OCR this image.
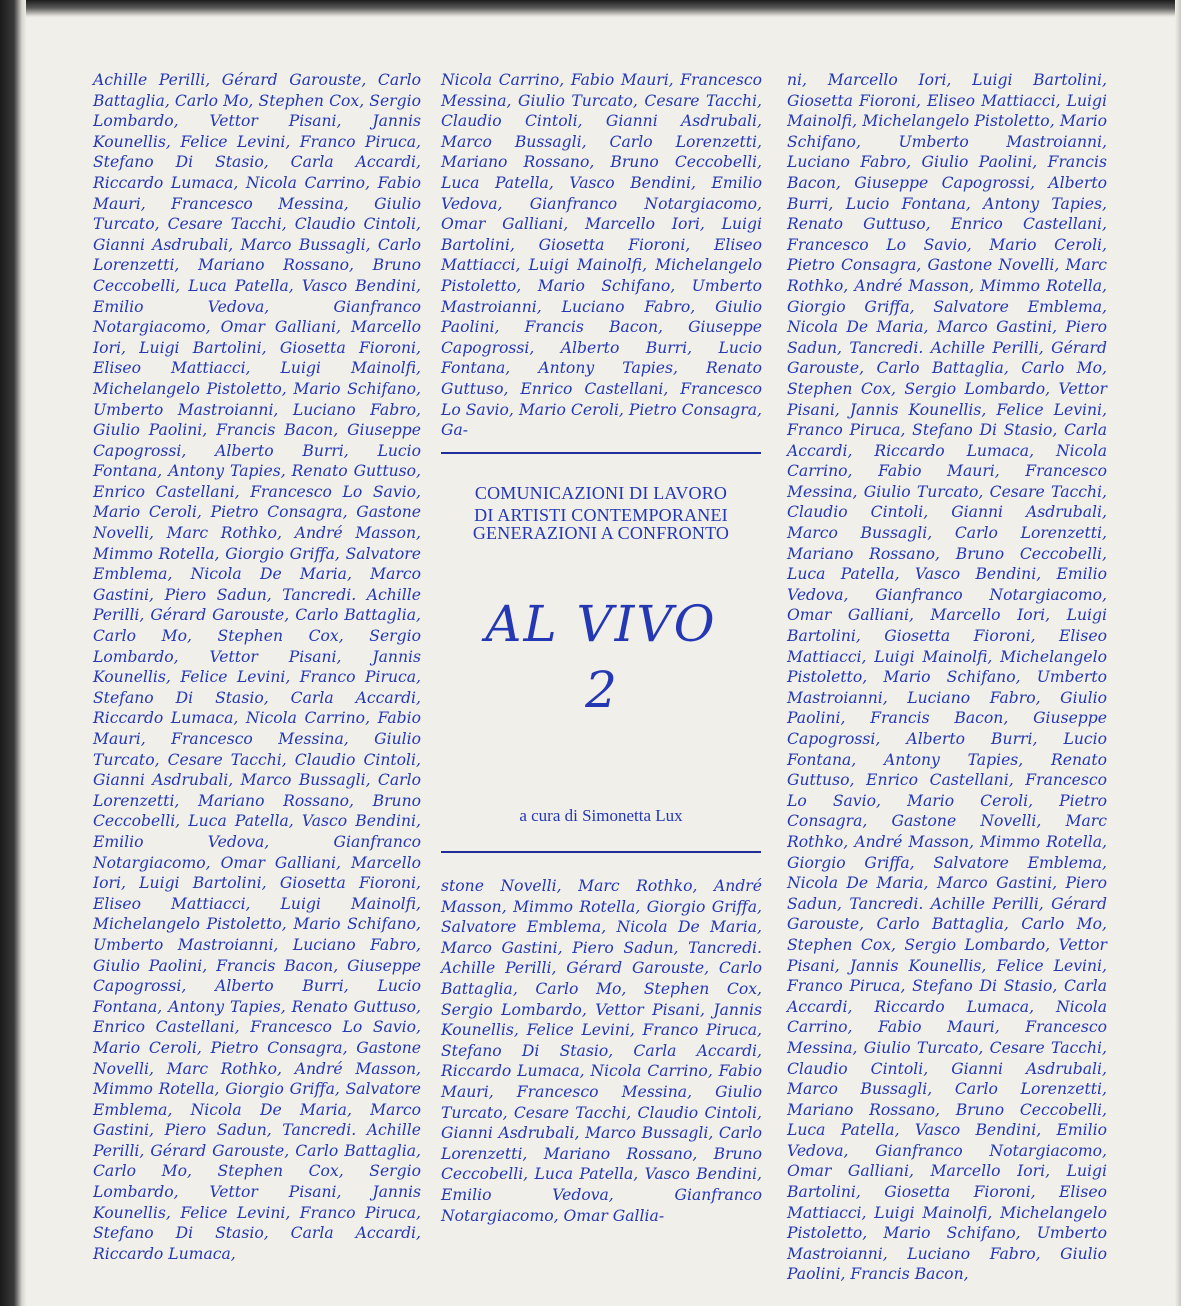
Achille Perilli, Gérard Garouste, Carlo Battaglia, Carlo Mo, Stephen Cox, Sergio Lombardo, Vettor Pisani, Jannis Kounellis, Felice Levini, Franco Piruca, Stefano Di Stasio, Carla Accardi, Riccardo Lumaca, Nicola Carrino, Fabio Mauri, Francesco Messina, Giulio Turcato, Cesare Tacchi, Claudio Cintoli, Gianni Asdrubali, Marco Bussagli, Carlo Lorenzetti, Mariano Rossano, Bruno Ceccobelli, Luca Patella, Vasco Bendini, Emilio Vedova, Gianfranco Notargiacomo, Omar Galliani, Marcello Iori, Luigi Bartolini, Giosetta Fioroni, Eliseo Mattiacci, Luigi Mainolfi, Michelangelo Pistoletto, Mario Schifano, Umberto Mastroianni, Luciano Fabro, Giulio Paolini, Francis Bacon, Giuseppe Capogrossi, Alberto Burri, Lucio Fontana, Antony Tapies, Renato Guttuso, Enrico Castellani, Francesco Lo Savio, Mario Ceroli, Pietro Consagra, Gastone Novelli, Marc Rothko, André Masson, Mimmo Rotella, Giorgio Griffa, Salvatore Emblema, Nicola De Maria, Marco Gastini, Piero Sadun, Tancredi. Achille Perilli, Gérard Garouste, Carlo Battaglia, Carlo Mo, Stephen Cox, Sergio Lombardo, Vettor Pisani, Jannis Kounellis, Felice Levini, Franco Piruca, Stefano Di Stasio, Carla Accardi, Riccardo Lumaca, Nicola Carrino, Fabio Mauri, Francesco Messina, Giulio Turcato, Cesare Tacchi, Claudio Cintoli, Gianni Asdrubali, Marco Bussagli, Carlo Lorenzetti, Mariano Rossano, Bruno Ceccobelli, Luca Patella, Vasco Bendini, Emilio Vedova, Gianfranco Notargiacomo, Omar Galliani, Marcello Iori, Luigi Bartolini, Giosetta Fioroni, Eliseo Mattiacci, Luigi Mainolfi, Michelangelo Pistoletto, Mario Schifano, Umberto Mastroianni, Luciano Fabro, Giulio Paolini, Francis Bacon, Giuseppe Capogrossi, Alberto Burri, Lucio Fontana, Antony Tapies, Renato Guttuso, Enrico Castellani, Francesco Lo Savio, Mario Ceroli, Pietro Consagra, Gastone Novelli, Marc Rothko, André Masson, Mimmo Rotella, Giorgio Griffa, Salvatore Emblema, Nicola De Maria, Marco Gastini, Piero Sadun, Tancredi. Achille Perilli, Gérard Garouste, Carlo Battaglia, Carlo Mo, Stephen Cox, Sergio Lombardo, Vettor Pisani, Jannis Kounellis, Felice Levini, Franco Piruca, Stefano Di Stasio, Carla Accardi, Riccardo Lumaca,
Nicola Carrino, Fabio Mauri, Francesco Messina, Giulio Turcato, Cesare Tacchi, Claudio Cintoli, Gianni Asdrubali, Marco Bussagli, Carlo Lorenzetti, Mariano Rossano, Bruno Ceccobelli, Luca Patella, Vasco Bendini, Emilio Vedova, Gianfranco Notargiacomo, Omar Galliani, Marcello Iori, Luigi Bartolini, Giosetta Fioroni, Eliseo Mattiacci, Luigi Mainolfi, Michelangelo Pistoletto, Mario Schifano, Umberto Mastroianni, Luciano Fabro, Giulio Paolini, Francis Bacon, Giuseppe Capogrossi, Alberto Burri, Lucio Fontana, Antony Tapies, Renato Guttuso, Enrico Castellani, Francesco Lo Savio, Mario Ceroli, Pietro Consagra, Ga-
COMUNICAZIONI DI LAVORO
DI ARTISTI CONTEMPORANEI
GENERAZIONI A CONFRONTO
AL VIVO
2
a cura di Simonetta Lux
stone Novelli, Marc Rothko, André Masson, Mimmo Rotella, Giorgio Griffa, Salvatore Emblema, Nicola De Maria, Marco Gastini, Piero Sadun, Tancredi. Achille Perilli, Gérard Garouste, Carlo Battaglia, Carlo Mo, Stephen Cox, Sergio Lombardo, Vettor Pisani, Jannis Kounellis, Felice Levini, Franco Piruca, Stefano Di Stasio, Carla Accardi, Riccardo Lumaca, Nicola Carrino, Fabio Mauri, Francesco Messina, Giulio Turcato, Cesare Tacchi, Claudio Cintoli, Gianni Asdrubali, Marco Bussagli, Carlo Lorenzetti, Mariano Rossano, Bruno Ceccobelli, Luca Patella, Vasco Bendini, Emilio Vedova, Gianfranco Notargiacomo, Omar Gallia-
ni, Marcello Iori, Luigi Bartolini, Giosetta Fioroni, Eliseo Mattiacci, Luigi Mainolfi, Michelangelo Pistoletto, Mario Schifano, Umberto Mastroianni, Luciano Fabro, Giulio Paolini, Francis Bacon, Giuseppe Capogrossi, Alberto Burri, Lucio Fontana, Antony Tapies, Renato Guttuso, Enrico Castellani, Francesco Lo Savio, Mario Ceroli, Pietro Consagra, Gastone Novelli, Marc Rothko, André Masson, Mimmo Rotella, Giorgio Griffa, Salvatore Emblema, Nicola De Maria, Marco Gastini, Piero Sadun, Tancredi. Achille Perilli, Gérard Garouste, Carlo Battaglia, Carlo Mo, Stephen Cox, Sergio Lombardo, Vettor Pisani, Jannis Kounellis, Felice Levini, Franco Piruca, Stefano Di Stasio, Carla Accardi, Riccardo Lumaca, Nicola Carrino, Fabio Mauri, Francesco Messina, Giulio Turcato, Cesare Tacchi, Claudio Cintoli, Gianni Asdrubali, Marco Bussagli, Carlo Lorenzetti, Mariano Rossano, Bruno Ceccobelli, Luca Patella, Vasco Bendini, Emilio Vedova, Gianfranco Notargiacomo, Omar Galliani, Marcello Iori, Luigi Bartolini, Giosetta Fioroni, Eliseo Mattiacci, Luigi Mainolfi, Michelangelo Pistoletto, Mario Schifano, Umberto Mastroianni, Luciano Fabro, Giulio Paolini, Francis Bacon, Giuseppe Capogrossi, Alberto Burri, Lucio Fontana, Antony Tapies, Renato Guttuso, Enrico Castellani, Francesco Lo Savio, Mario Ceroli, Pietro Consagra, Gastone Novelli, Marc Rothko, André Masson, Mimmo Rotella, Giorgio Griffa, Salvatore Emblema, Nicola De Maria, Marco Gastini, Piero Sadun, Tancredi. Achille Perilli, Gérard Garouste, Carlo Battaglia, Carlo Mo, Stephen Cox, Sergio Lombardo, Vettor Pisani, Jannis Kounellis, Felice Levini, Franco Piruca, Stefano Di Stasio, Carla Accardi, Riccardo Lumaca, Nicola Carrino, Fabio Mauri, Francesco Messina, Giulio Turcato, Cesare Tacchi, Claudio Cintoli, Gianni Asdrubali, Marco Bussagli, Carlo Lorenzetti, Mariano Rossano, Bruno Ceccobelli, Luca Patella, Vasco Bendini, Emilio Vedova, Gianfranco Notargiacomo, Omar Galliani, Marcello Iori, Luigi Bartolini, Giosetta Fioroni, Eliseo Mattiacci, Luigi Mainolfi, Michelangelo Pistoletto, Mario Schifano, Umberto Mastroianni, Luciano Fabro, Giulio Paolini, Francis Bacon,
